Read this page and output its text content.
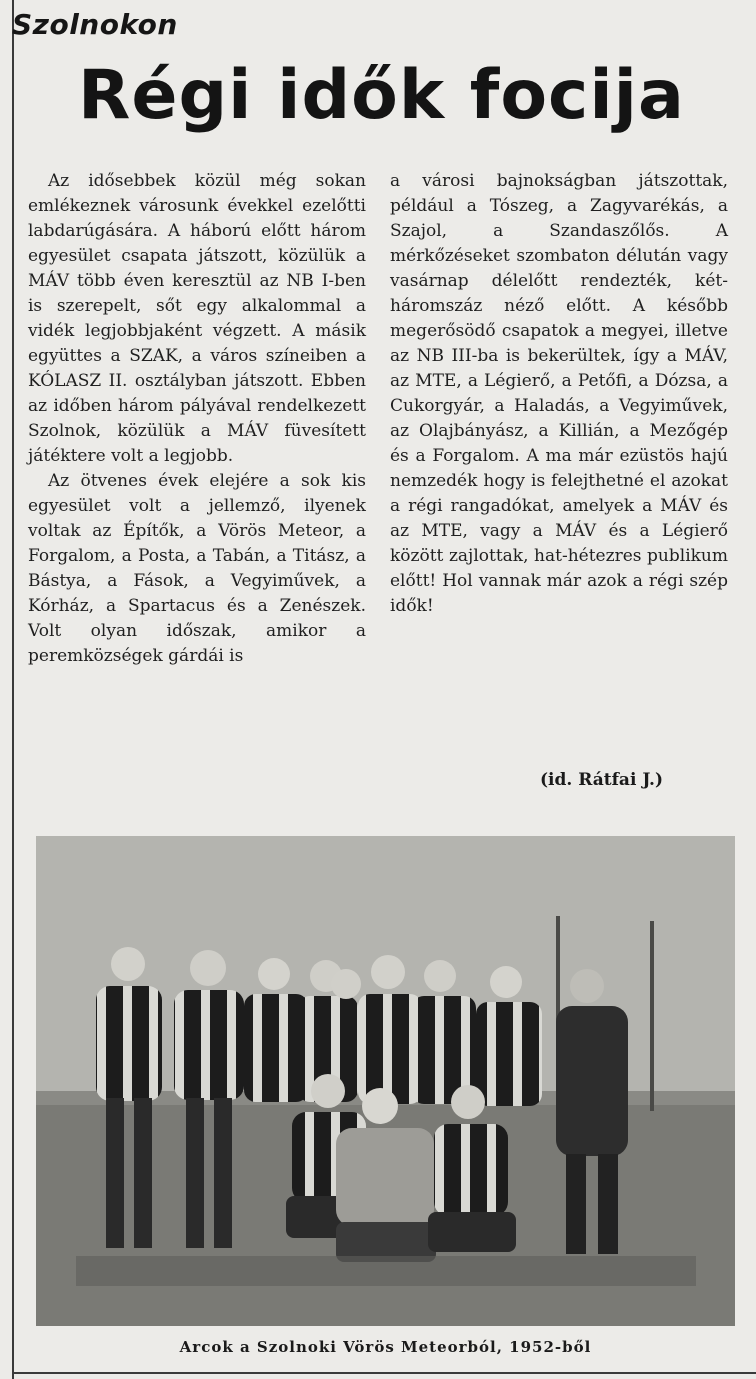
Szolnokon
Régi idők focija

Az idősebbek közül még sokan emlékeznek városunk évekkel ezelőtti labdarúgására. A háború előtt három egyesület csapata játszott, közülük a MÁV több éven keresztül az NB I-ben is szerepelt, sőt egy alkalommal a vidék legjobbjaként végzett. A másik együttes a SZAK, a város színeiben a KÓLASZ II. osztályban játszott. Ebben az időben három pályával rendelkezett Szolnok, közülük a MÁV füvesített játéktere volt a legjobb.

Az ötvenes évek elejére a sok kis egyesület volt a jellemző, ilyenek voltak az Építők, a Vörös Meteor, a Forgalom, a Posta, a Tabán, a Titász, a Bástya, a Fások, a Vegyiművek, a Kórház, a Spartacus és a Zenészek. Volt olyan időszak, amikor a peremközségek gárdái is

a városi bajnokságban játszottak, például a Tószeg, a Zagyvarékás, a Szajol, a Szandaszőlős. A mérkőzéseket szombaton délután vagy vasárnap délelőtt rendezték, két-háromszáz néző előtt. A később megerősödő csapatok a megyei, illetve az NB III-ba is bekerültek, így a MÁV, az MTE, a Légierő, a Petőfi, a Dózsa, a Cukorgyár, a Haladás, a Vegyiművek, az Olajbányász, a Killián, a Mezőgép és a Forgalom. A ma már ezüstös hajú nemzedék hogy is felejthetné el azokat a régi rangadókat, amelyek a MÁV és az MTE, vagy a MÁV és a Légierő között zajlottak, hat-hétezres publikum előtt! Hol vannak már azok a régi szép idők!

(id. Rátfai J.)
Arcok a Szolnoki Vörös Meteorból, 1952-ből
